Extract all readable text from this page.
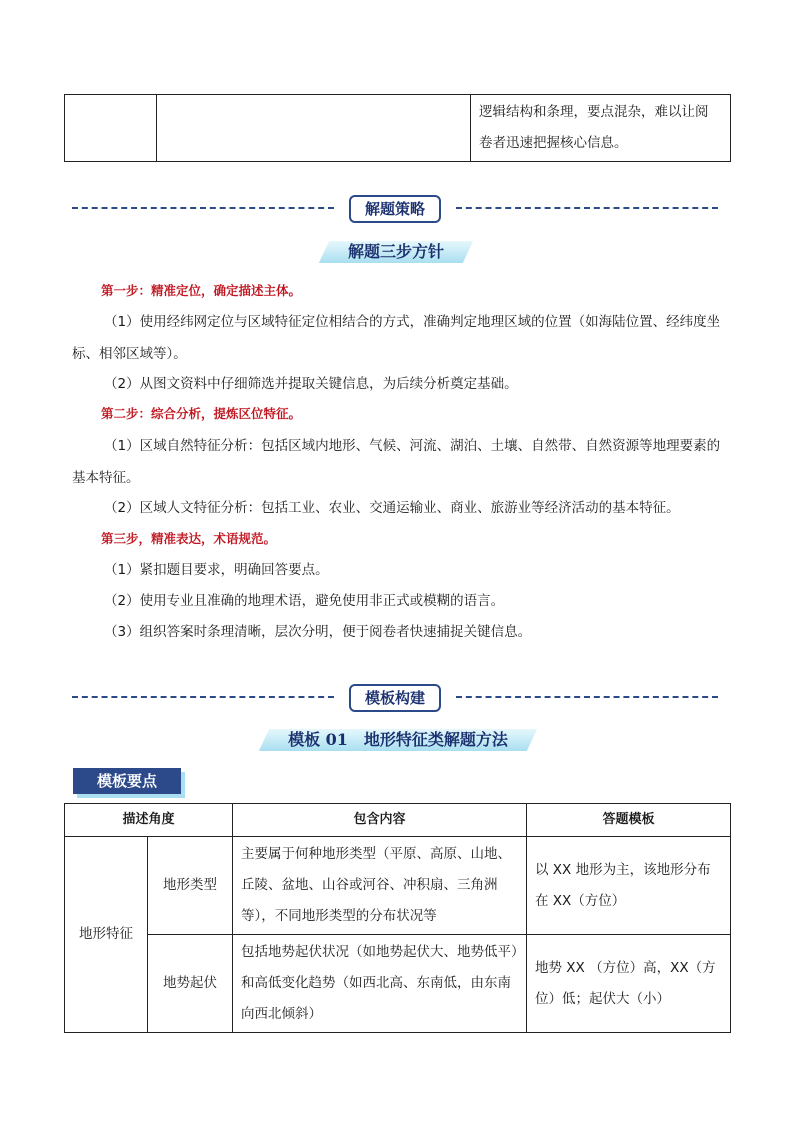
		逻辑结构和条理，要点混杂，难以让阅卷者迅速把握核心信息。
解题策略
解题三步方针
第一步：精准定位，确定描述主体。
（1）使用经纬网定位与区域特征定位相结合的方式，准确判定地理区域的位置（如海陆位置、经纬度坐标、相邻区域等）。
（2）从图文资料中仔细筛选并提取关键信息，为后续分析奠定基础。
第二步：综合分析，提炼区位特征。
（1）区域自然特征分析：包括区域内地形、气候、河流、湖泊、土壤、自然带、自然资源等地理要素的基本特征。
（2）区域人文特征分析：包括工业、农业、交通运输业、商业、旅游业等经济活动的基本特征。
第三步，精准表达，术语规范。
（1）紧扣题目要求，明确回答要点。
（2）使用专业且准确的地理术语，避免使用非正式或模糊的语言。
（3）组织答案时条理清晰，层次分明，便于阅卷者快速捕捉关键信息。
模板构建
模板 01　地形特征类解题方法
模板要点
描述角度		包含内容	答题模板
地形特征	地形类型	主要属于何种地形类型（平原、高原、山地、丘陵、盆地、山谷或河谷、冲积扇、三角洲等），不同地形类型的分布状况等	以 XX 地形为主，该地形分布在 XX（方位）
	地势起伏	包括地势起伏状况（如地势起伏大、地势低平）和高低变化趋势（如西北高、东南低，由东南向西北倾斜）	地势 XX （方位）高，XX（方位）低；起伏大（小）
